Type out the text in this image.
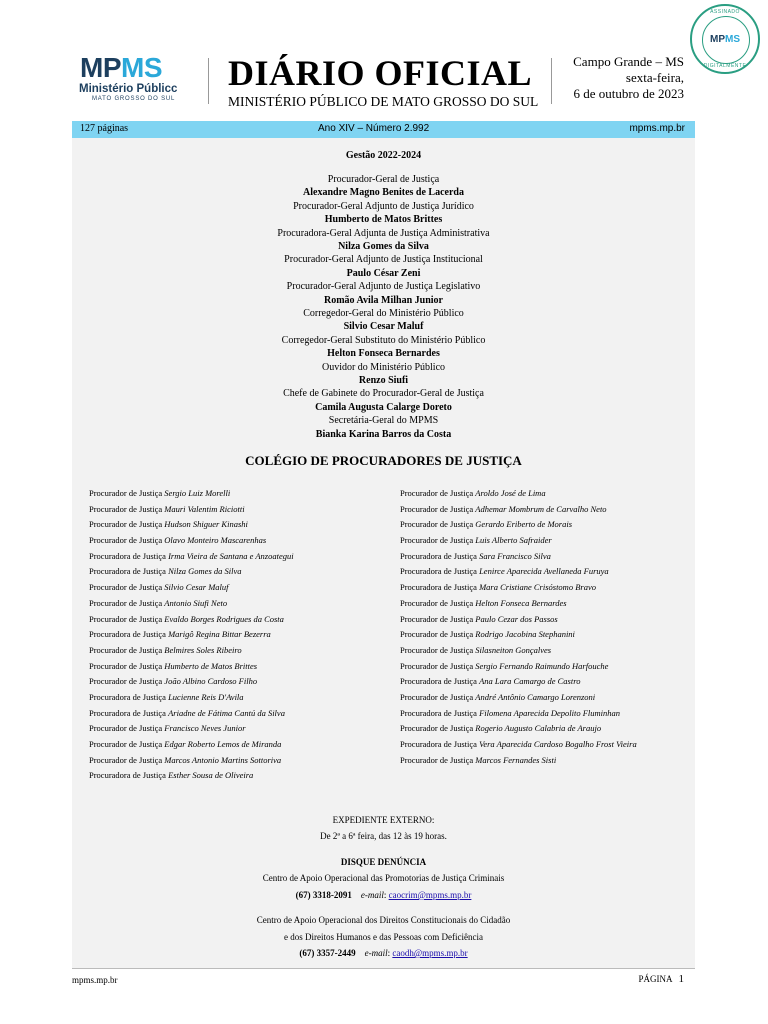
MPMS
Ministério Públicc
MATO GROSSO DO SUL
DIÁRIO OFICIAL
MINISTÉRIO PÚBLICO DE MATO GROSSO DO SUL
Campo Grande – MS
sexta-feira,
6 de outubro de 2023
ASSINADO
MPMS
DIGITALMENTE
127 páginas	Ano XIV – Número 2.992	mpms.mp.br
Gestão 2022-2024
Procurador-Geral de Justiça
Alexandre Magno Benites de Lacerda
Procurador-Geral Adjunto de Justiça Jurídico
Humberto de Matos Brittes
Procuradora-Geral Adjunta de Justiça Administrativa
Nilza Gomes da Silva
Procurador-Geral Adjunto de Justiça Institucional
Paulo César Zeni
Procurador-Geral Adjunto de Justiça Legislativo
Romão Avila Milhan Junior
Corregedor-Geral do Ministério Público
Silvio Cesar Maluf
Corregedor-Geral Substituto do Ministério Público
Helton Fonseca Bernardes
Ouvidor do Ministério Público
Renzo Siufi
Chefe de Gabinete do Procurador-Geral de Justiça
Camila Augusta Calarge Doreto
Secretária-Geral do MPMS
Bianka Karina Barros da Costa
COLÉGIO DE PROCURADORES DE JUSTIÇA
Procurador de Justiça Sergio Luiz Morelli
Procurador de Justiça Mauri Valentim Riciotti
Procurador de Justiça Hudson Shiguer Kinashi
Procurador de Justiça Olavo Monteiro Mascarenhas
Procuradora de Justiça Irma Vieira de Santana e Anzoategui
Procuradora de Justiça Nilza Gomes da Silva
Procurador de Justiça Silvio Cesar Maluf
Procurador de Justiça Antonio Siufi Neto
Procurador de Justiça Evaldo Borges Rodrigues da Costa
Procuradora de Justiça Marigô Regina Bittar Bezerra
Procurador de Justiça Belmires Soles Ribeiro
Procurador de Justiça Humberto de Matos Brittes
Procurador de Justiça João Albino Cardoso Filho
Procuradora de Justiça Lucienne Reis D'Avila
Procuradora de Justiça Ariadne de Fátima Cantú da Silva
Procurador de Justiça Francisco Neves Junior
Procurador de Justiça Edgar Roberto Lemos de Miranda
Procurador de Justiça Marcos Antonio Martins Sottoriva
Procuradora de Justiça Esther Sousa de Oliveira
Procurador de Justiça Aroldo José de Lima
Procurador de Justiça Adhemar Mombrum de Carvalho Neto
Procurador de Justiça Gerardo Eriberto de Morais
Procurador de Justiça Luis Alberto Safraider
Procuradora de Justiça Sara Francisco Silva
Procuradora de Justiça Lenirce Aparecida Avellaneda Furuya
Procuradora de Justiça Mara Cristiane Crisóstomo Bravo
Procurador de Justiça Helton Fonseca Bernardes
Procurador de Justiça Paulo Cezar dos Passos
Procurador de Justiça Rodrigo Jacobina Stephanini
Procurador de Justiça Silasneiton Gonçalves
Procurador de Justiça Sergio Fernando Raimundo Harfouche
Procuradora de Justiça Ana Lara Camargo de Castro
Procurador de Justiça André Antônio Camargo Lorenzoni
Procuradora de Justiça Filomena Aparecida Depolito Fluminhan
Procurador de Justiça Rogerio Augusto Calabria de Araujo
Procuradora de Justiça Vera Aparecida Cardoso Bogalho Frost Vieira
Procurador de Justiça Marcos Fernandes Sisti
EXPEDIENTE EXTERNO:
De 2ª a 6ª feira, das 12 às 19 horas.
DISQUE DENÚNCIA
Centro de Apoio Operacional das Promotorias de Justiça Criminais
(67) 3318-2091 e-mail: caocrim@mpms.mp.br
Centro de Apoio Operacional dos Direitos Constitucionais do Cidadão
e dos Direitos Humanos e das Pessoas com Deficiência
(67) 3357-2449 e-mail: caodh@mpms.mp.br
mpms.mp.br	PÁGINA 1
